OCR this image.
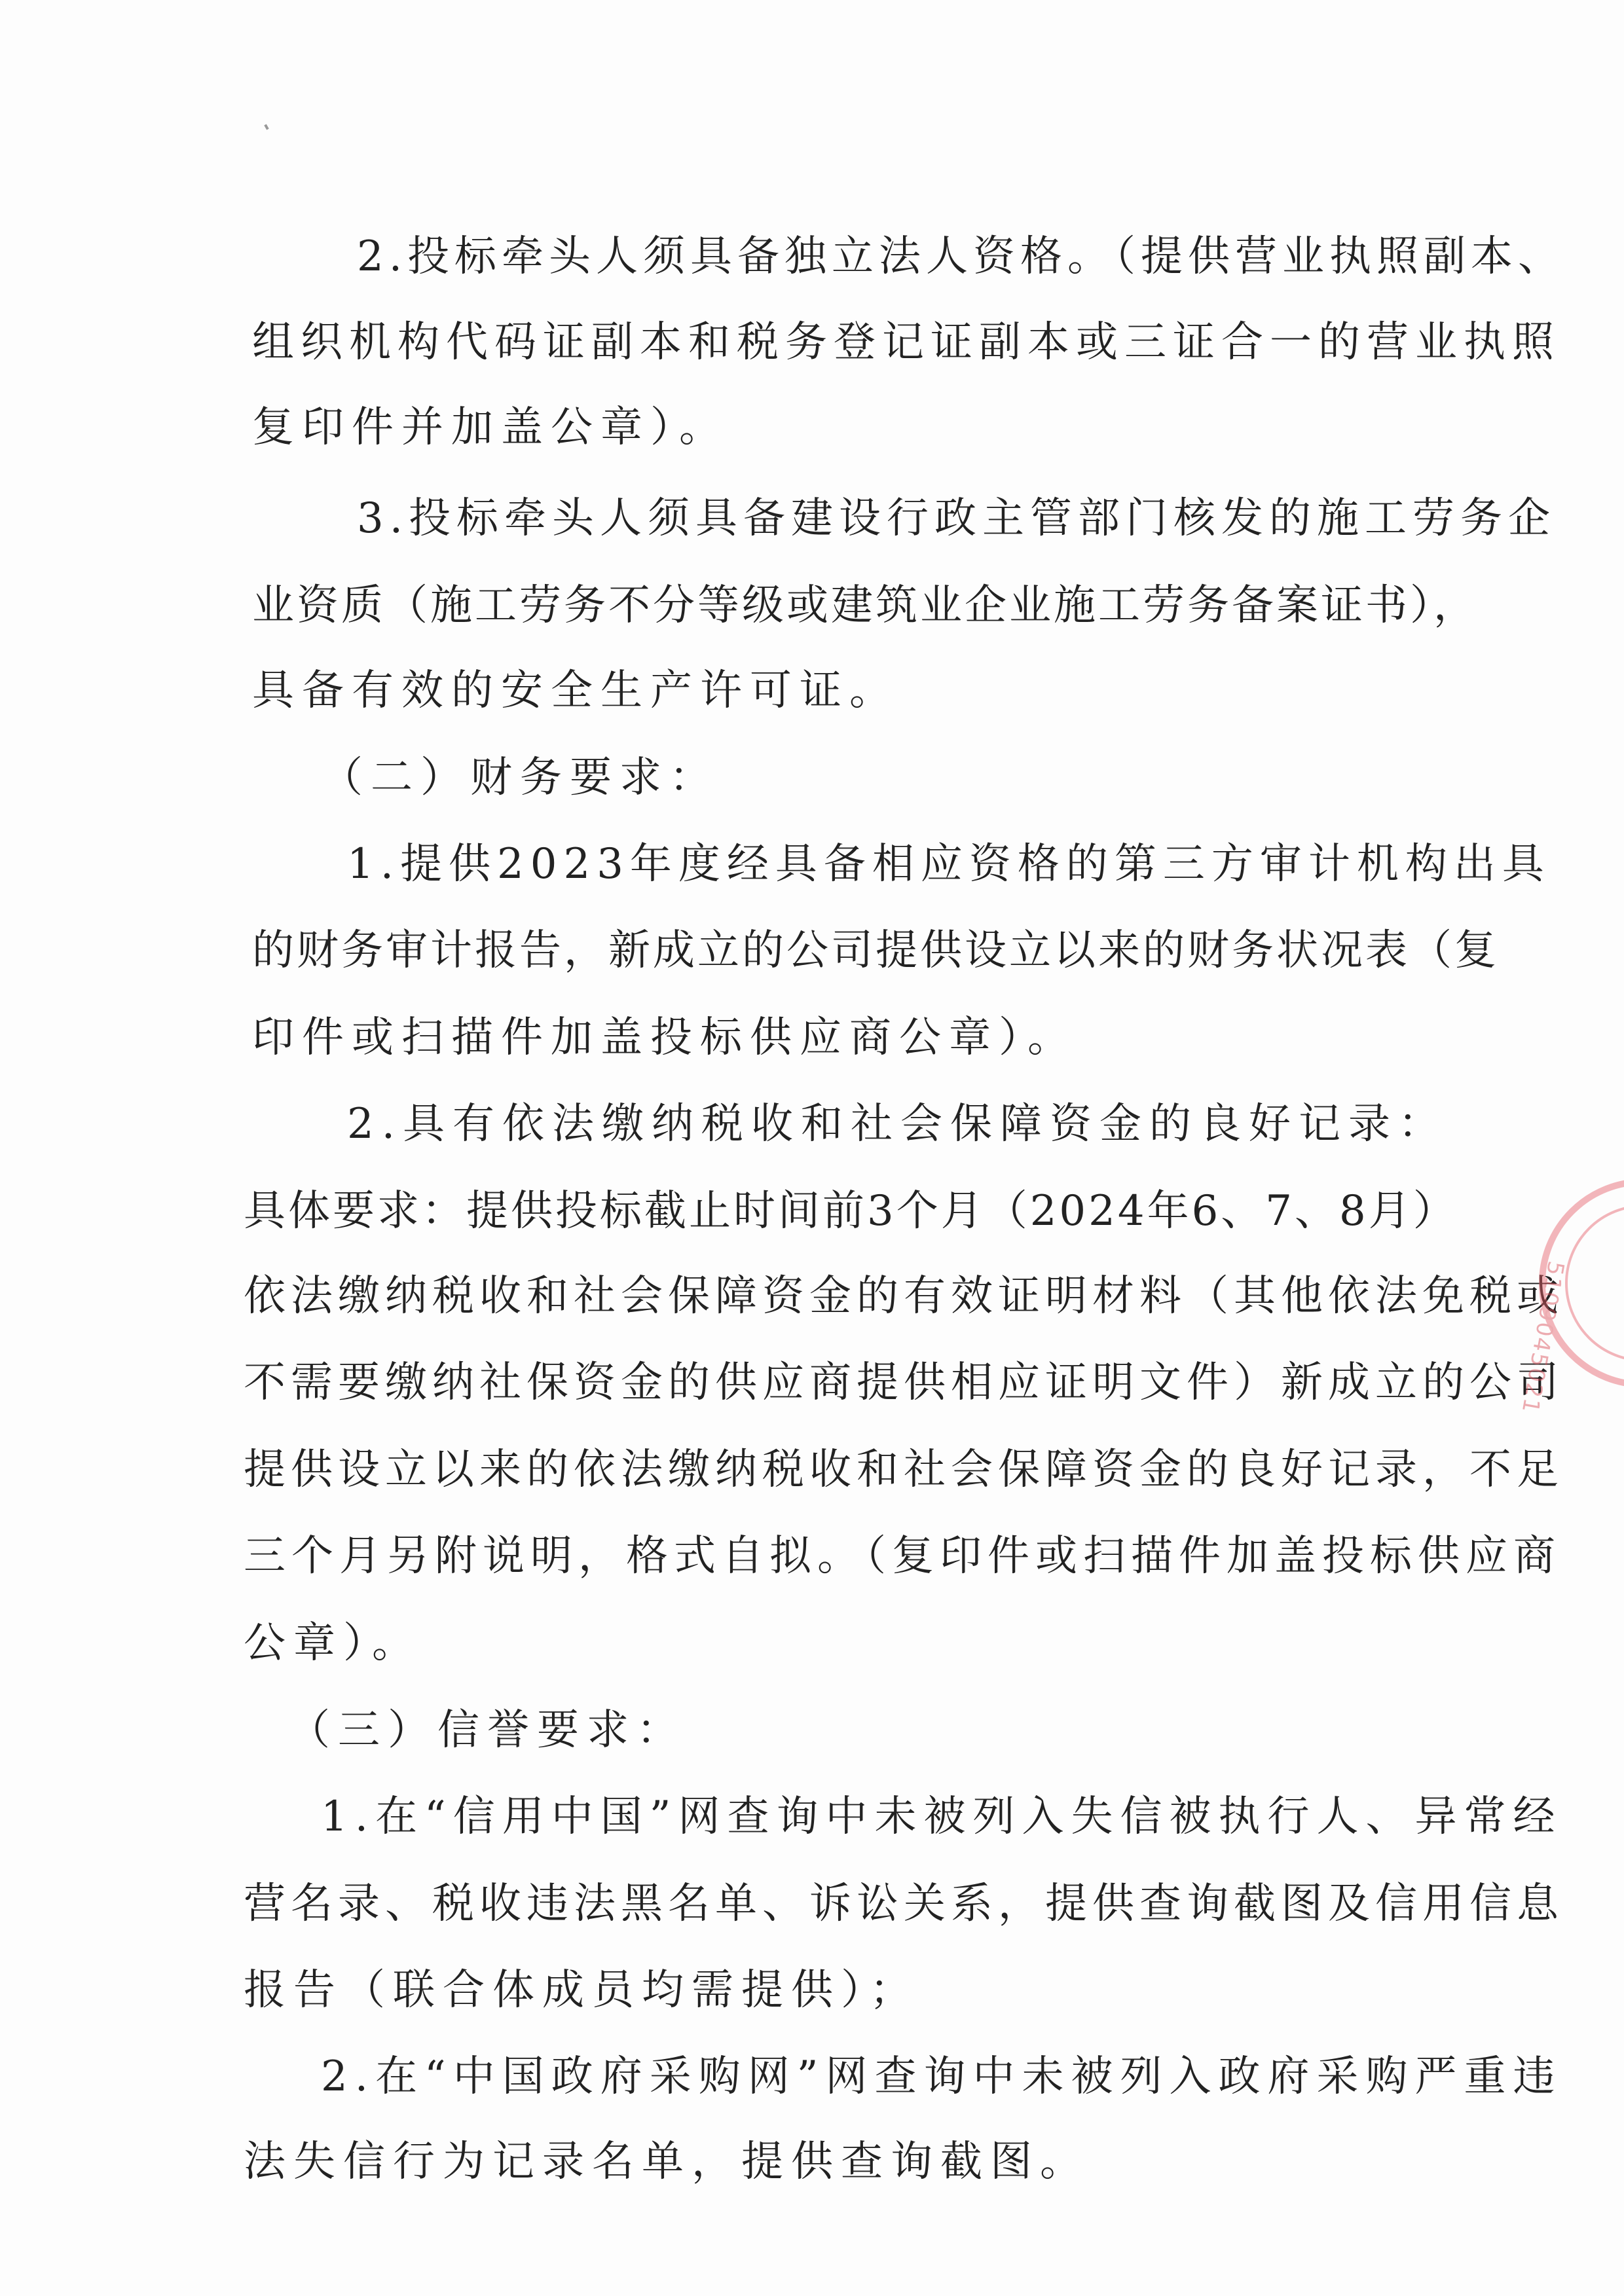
2.投标牵头人须具备独立法人资格。（提供营业执照副本、

组织机构代码证副本和税务登记证副本或三证合一的营业执照

复印件并加盖公章）。

3.投标牵头人须具备建设行政主管部门核发的施工劳务企

业资质（施工劳务不分等级或建筑业企业施工劳务备案证书），

具备有效的安全生产许可证。

（二）财务要求：

1.提供2023年度经具备相应资格的第三方审计机构出具

的财务审计报告，新成立的公司提供设立以来的财务状况表（复

印件或扫描件加盖投标供应商公章）。

2.具有依法缴纳税收和社会保障资金的良好记录：

具体要求：提供投标截止时间前3个月（2024年6、7、8月）

依法缴纳税收和社会保障资金的有效证明材料（其他依法免税或

不需要缴纳社保资金的供应商提供相应证明文件）新成立的公司

提供设立以来的依法缴纳税收和社会保障资金的良好记录，不足

三个月另附说明，格式自拟。（复印件或扫描件加盖投标供应商

公章）。

（三）信誉要求：

1.在“信用中国”网查询中未被列入失信被执行人、异常经

营名录、税收违法黑名单、诉讼关系，提供查询截图及信用信息

报告（联合体成员均需提供）；

2.在“中国政府采购网”网查询中未被列入政府采购严重违

法失信行为记录名单，提供查询截图。

5109045021
